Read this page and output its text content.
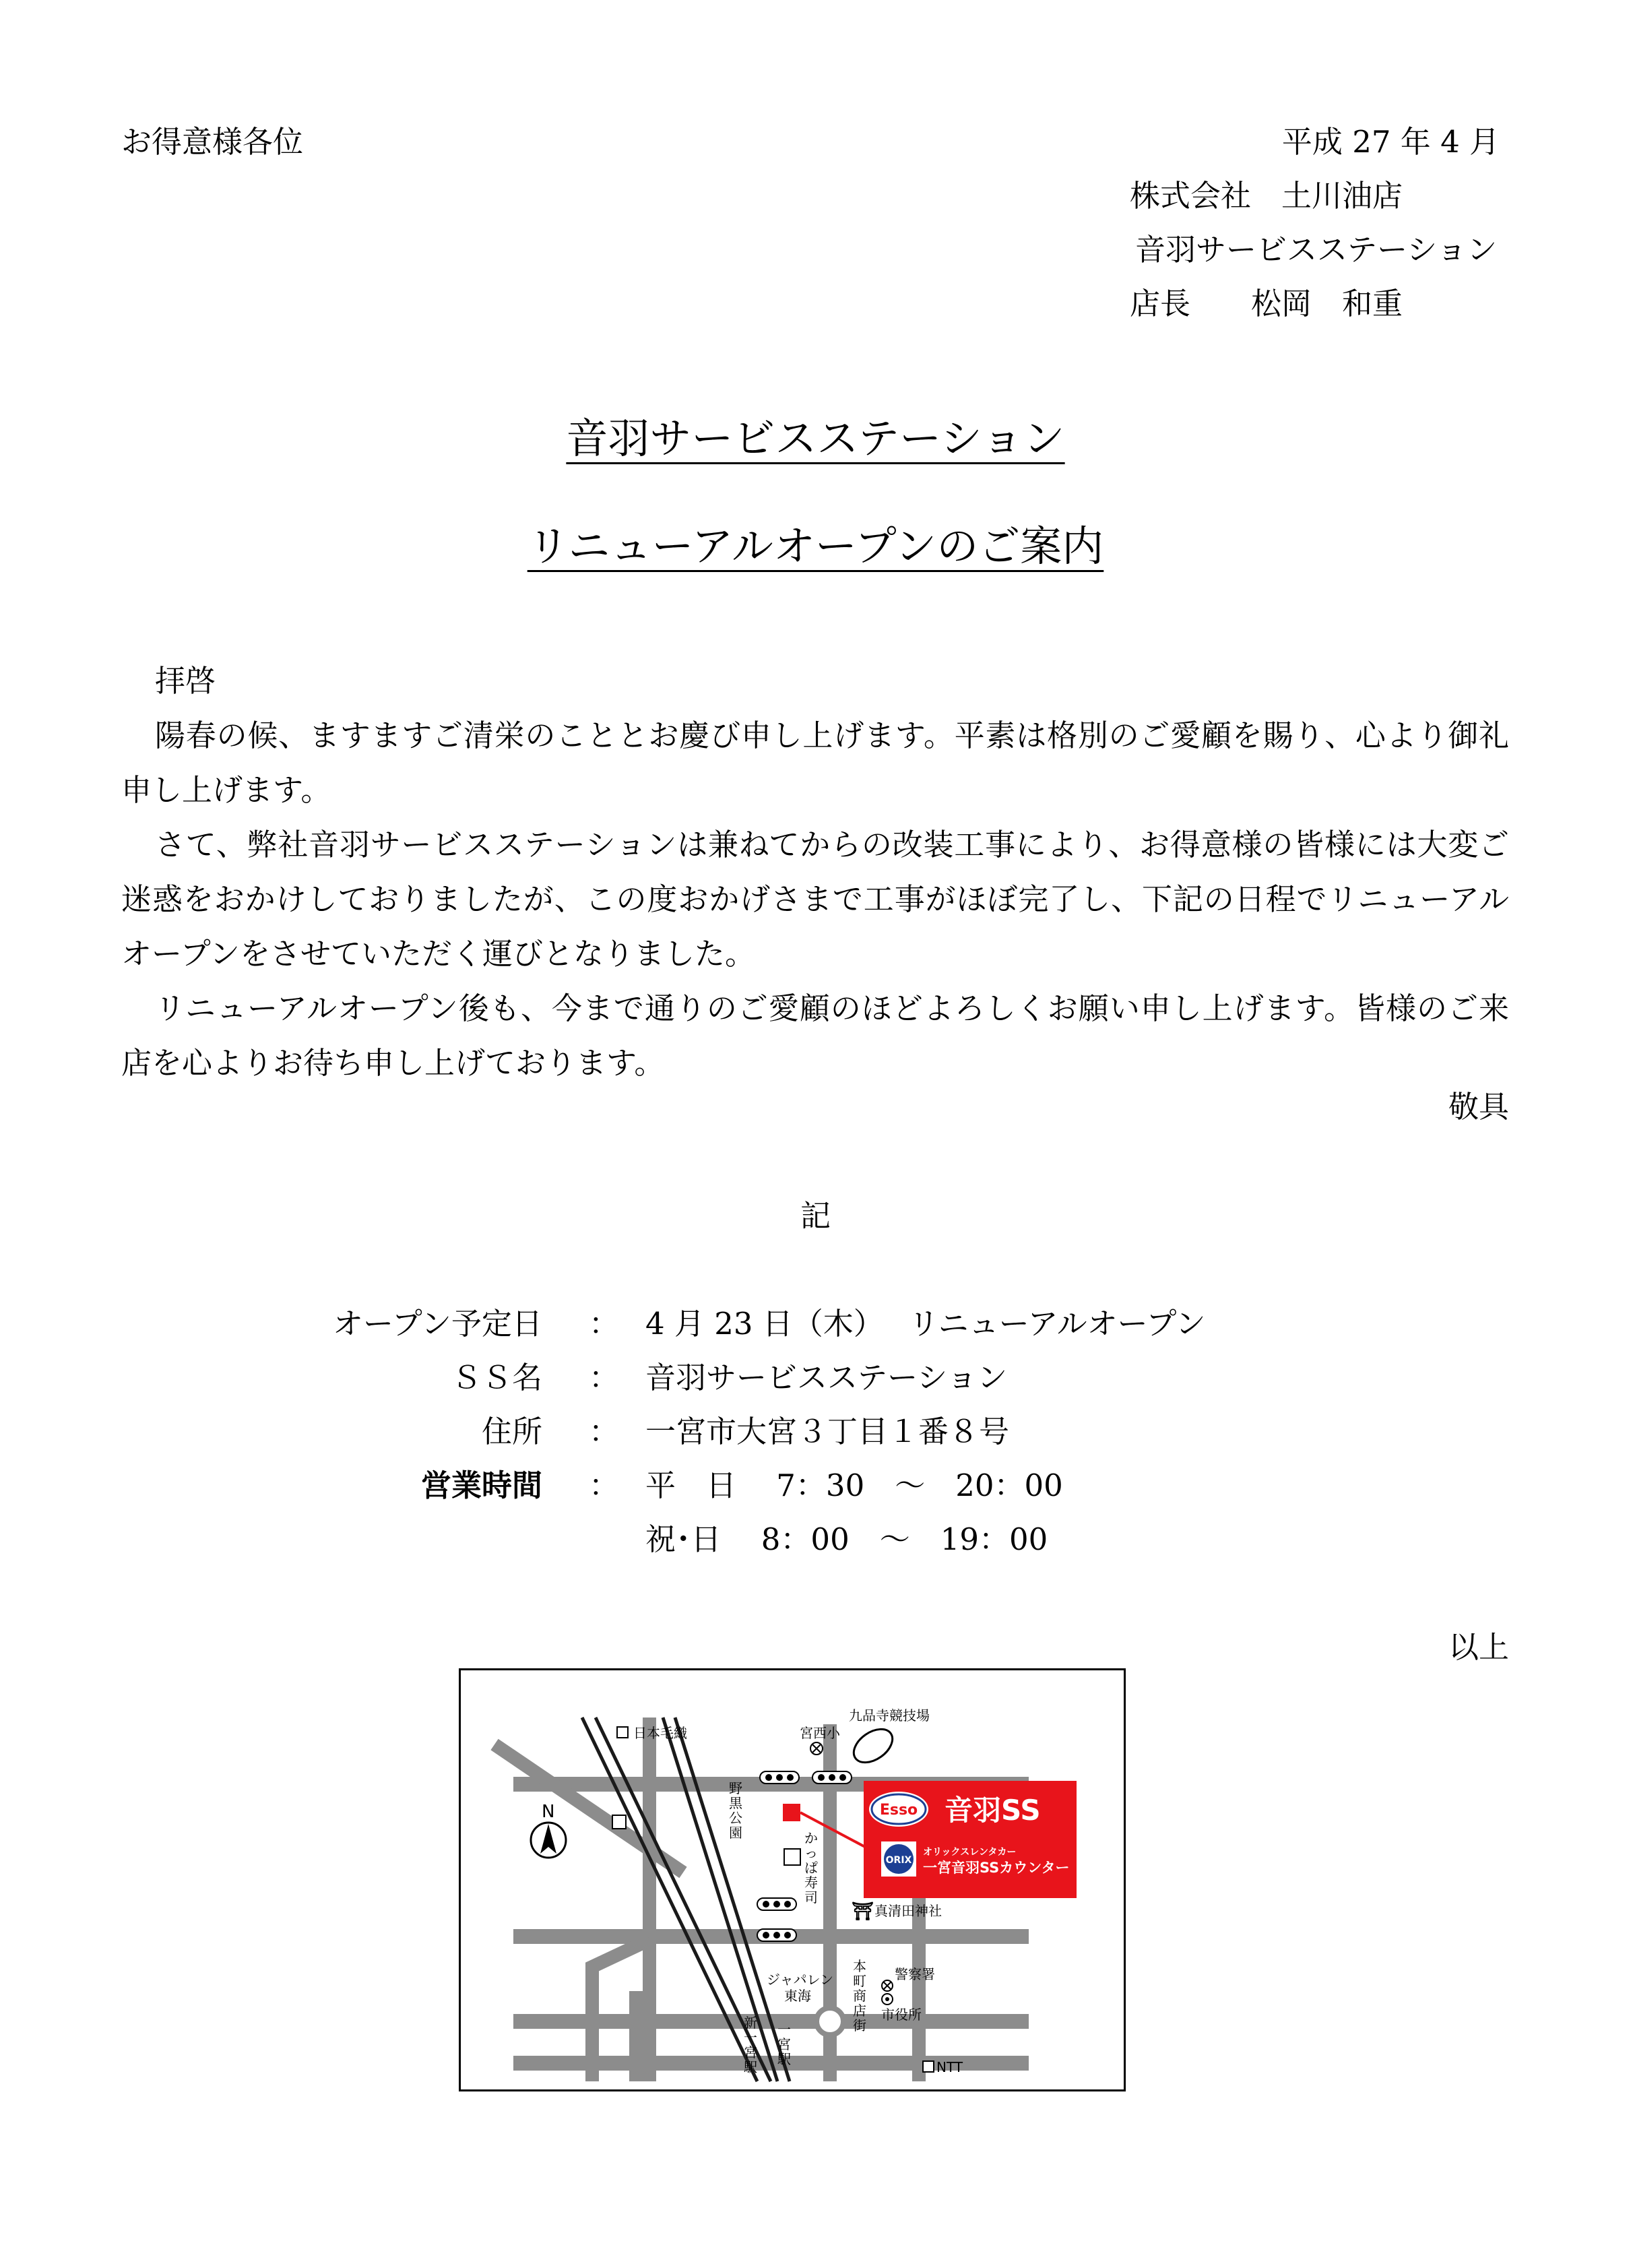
お得意様各位	平成 27 年 4 月
株式会社　土川油店
音羽サービスステーション
店長　　松岡　和重
音羽サービスステーション
リニューアルオープンのご案内
拝啓
陽春の候、ますますご清栄のこととお慶び申し上げます。平素は格別のご愛顧を賜り、心より御礼申し上げます。
さて、弊社音羽サービスステーションは兼ねてからの改装工事により、お得意様の皆様には大変ご迷惑をおかけしておりましたが、この度おかげさまで工事がほぼ完了し、下記の日程でリニューアルオープンをさせていただく運びとなりました。
リニューアルオープン後も、今まで通りのご愛顧のほどよろしくお願い申し上げます。皆様のご来店を心よりお待ち申し上げております。
敬具
記
オープン予定日 ： 4 月 23 日（木）　 リニューアルオープン
ＳＳ名 ： 音羽サービスステーション
住所 ： 一宮市大宮３丁目１番８号
営業時間 ： 平　日　 7：30　～　20：00
祝･日　 8：00　～　19：00
以上
N
⛩
日本毛織	宮西小
九品寺競技場
真清田神社
ジャパレン
東海
警察署
市役所
NTT
野黒公園	かっぱ寿司
本町商店街
新一宮駅
一宮駅
Esso 音羽SS
ORIX
オリックスレンタカー
一宮音羽SSカウンター
